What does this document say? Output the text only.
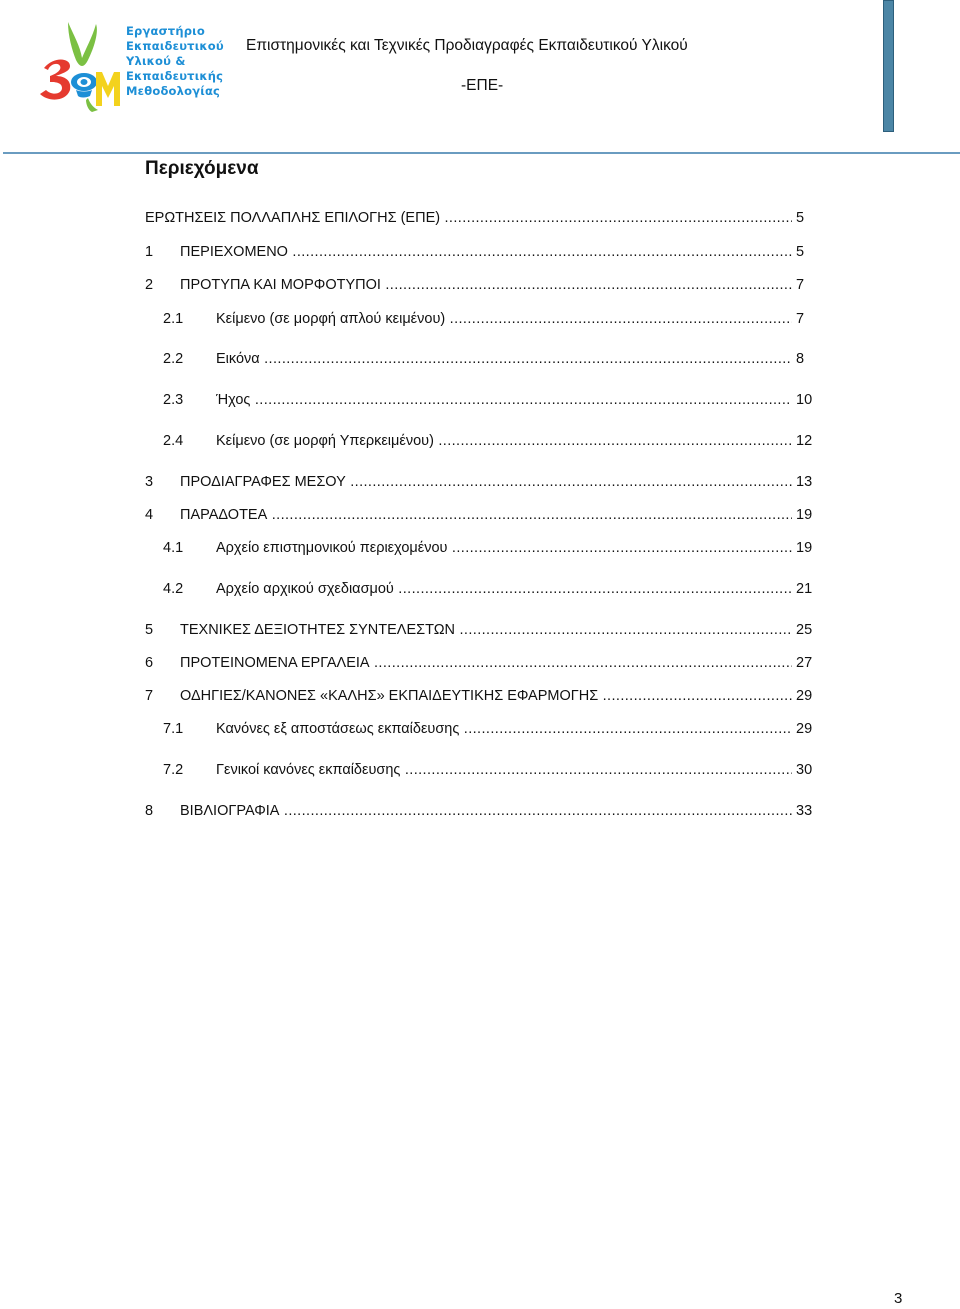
Εργαστήριο
Εκπαιδευτικού
Υλικού &
Εκπαιδευτικής
Μεθοδολογίας
Επιστημονικές και Τεχνικές Προδιαγραφές Εκπαιδευτικού Υλικού
-ΕΠΕ-
Περιεχόμενα
ΕΡΩΤΗΣΕΙΣ ΠΟΛΛΑΠΛΗΣ ΕΠΙΛΟΓΗΣ (ΕΠΕ) .....	5
1 ΠΕΡΙΕΧΟΜΕΝΟ .....	5
2 ΠΡΟΤΥΠΑ ΚΑΙ ΜΟΡΦΟΤΥΠΟΙ .....	7
2.1 Κείμενο (σε μορφή απλού κειμένου) .....	7
2.2 Εικόνα .....	8
2.3 Ήχος .....	10
2.4 Κείμενο (σε μορφή Υπερκειμένου) .....	12
3 ΠΡΟΔΙΑΓΡΑΦΕΣ ΜΕΣΟΥ .....	13
4 ΠΑΡΑΔΟΤΕΑ .....	19
4.1 Αρχείο επιστημονικού περιεχομένου .....	19
4.2 Αρχείο αρχικού σχεδιασμού .....	21
5 ΤΕΧΝΙΚΕΣ ΔΕΞΙΟΤΗΤΕΣ ΣΥΝΤΕΛΕΣΤΩΝ .....	25
6 ΠΡΟΤΕΙΝΟΜΕΝΑ ΕΡΓΑΛΕΙΑ .....	27
7 ΟΔΗΓΙΕΣ/ΚΑΝΟΝΕΣ «ΚΑΛΗΣ» ΕΚΠΑΙΔΕΥΤΙΚΗΣ ΕΦΑΡΜΟΓΗΣ .....	29
7.1 Κανόνες εξ αποστάσεως εκπαίδευσης .....	29
7.2 Γενικοί κανόνες εκπαίδευσης .....	30
8 ΒΙΒΛΙΟΓΡΑΦΙΑ .....	33
3
